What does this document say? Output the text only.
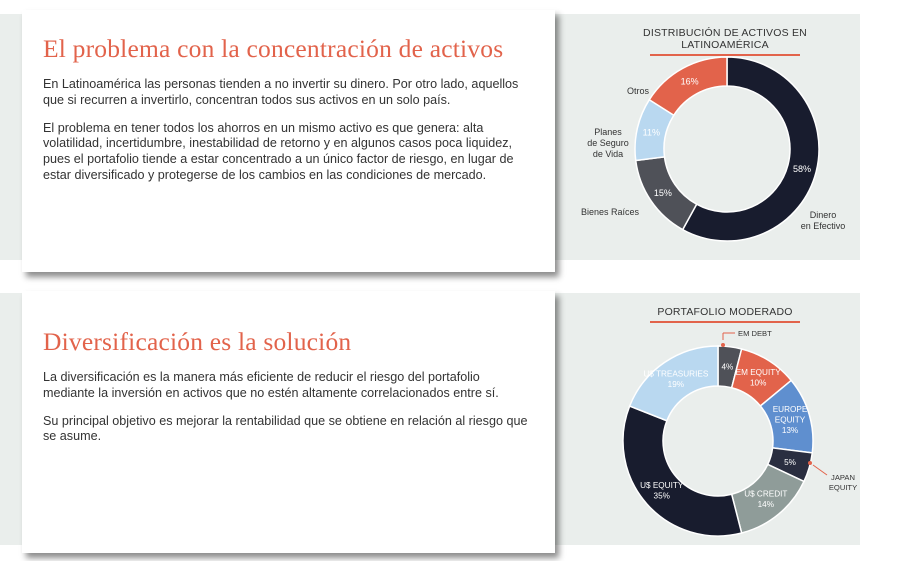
El problema con la concentración de activos

En Latinoamérica las personas tienden a no invertir su dinero. Por otro lado, aquellos que si recurren a invertirlo, concentran todos sus activos en un solo país.

El problema en tener todos los ahorros en un mismo activo es que genera: alta volatilidad, incertidumbre, inestabilidad de retorno y en algunos casos poca liquidez, pues el portafolio tiende a estar concentrado a un único factor de riesgo, en lugar de estar diversificado y protegerse de los cambios en las condiciones de mercado.

Diversificación es la solución

La diversificación es la manera más eficiente de reducir el riesgo del portafolio mediante la inversión en activos que no estén altamente correlacionados entre sí.

Su principal objetivo es mejorar la rentabilidad que se obtiene en relación al riesgo que se asume.

DISTRIBUCIÓN DE ACTIVOS EN LATINOAMÉRICA
58%
15%
11%
16%
Dinero en Efectivo
Bienes Raíces
Planes de Seguro de Vida
Otros
PORTAFOLIO MODERADO
4%
EM EQUITY 10%
EUROPE EQUITY 13%
5%
U$ CREDIT 14%
U$ EQUITY 35%
U$ TREASURIES 19%
EM DEBT
JAPAN EQUITY
